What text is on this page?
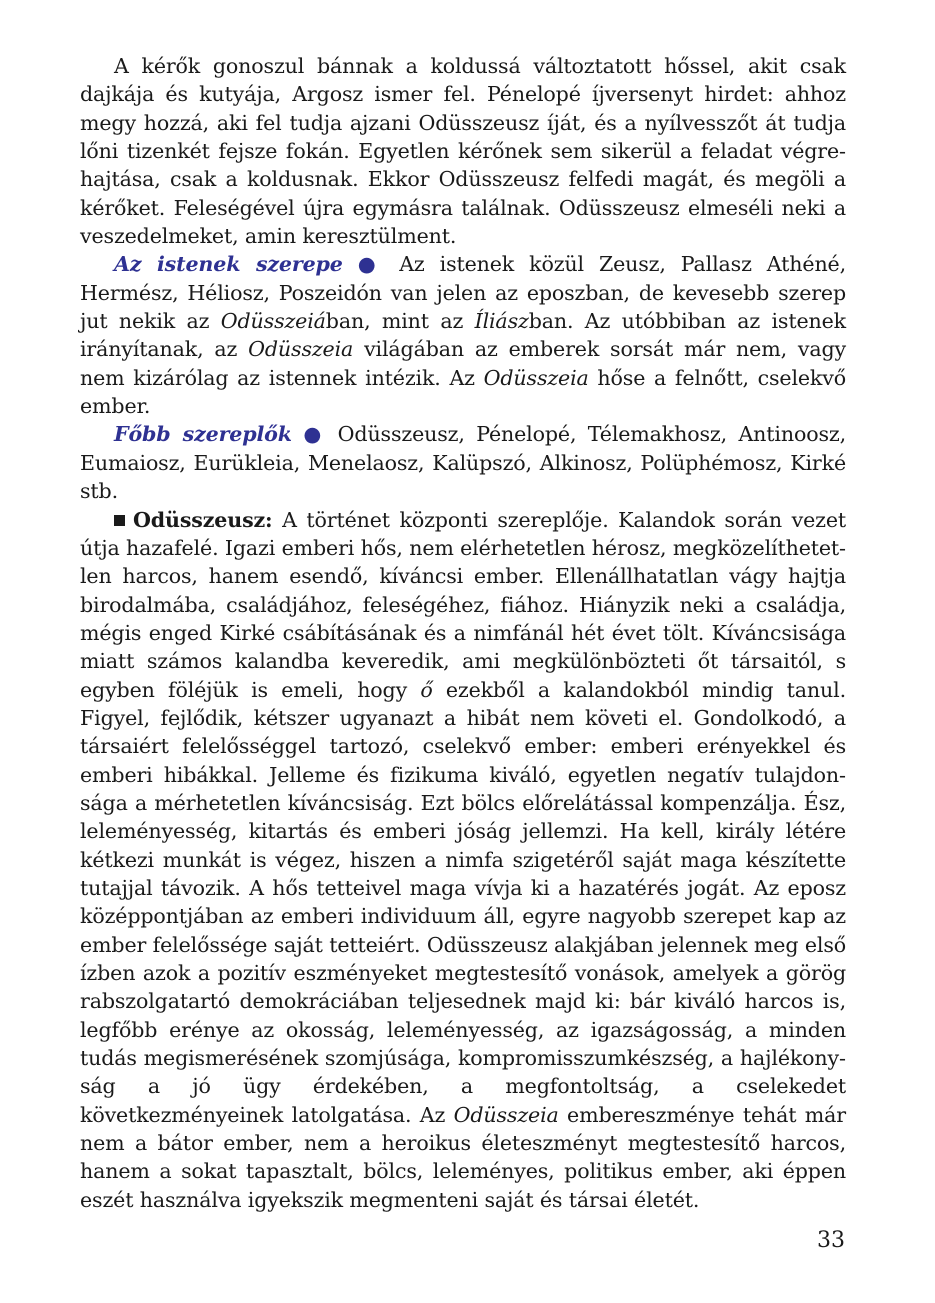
A kérők gonoszul bánnak a koldussá változtatott hőssel, akit csak dajkája és kutyája, Argosz ismer fel. Pénelopé íjversenyt hirdet: ahhoz megy hozzá, aki fel tudja ajzani Odüsszeusz íját, és a nyílvesszőt át tudja lőni tizenkét fejsze fokán. Egyetlen kérőnek sem sikerül a feladat végrehajtása, csak a koldusnak. Ekkor Odüsszeusz felfedi magát, és megöli a kérőket. Feleségével újra egymásra találnak. Odüsszeusz elmeséli neki a veszedelmeket, amin keresztülment.

Az istenek szerepe ● Az istenek közül Zeusz, Pallasz Athéné, Hermész, Héliosz, Poszeidón van jelen az eposzban, de kevesebb szerep jut nekik az Odüsszeiában, mint az Íliászban. Az utóbbiban az istenek irányítanak, az Odüsszeia világában az emberek sorsát már nem, vagy nem kizárólag az istennek intézik. Az Odüsszeia hőse a felnőtt, cselekvő ember.

Főbb szereplők ● Odüsszeusz, Pénelopé, Télemakhosz, Antinoosz, Eumaiosz, Eurükleia, Menelaosz, Kalüpszó, Alkinosz, Polüphémosz, Kirké stb.

Odüsszeusz: A történet központi szereplője. Kalandok során vezet útja hazafelé. Igazi emberi hős, nem elérhetetlen hérosz, megközelíthetetlen harcos, hanem esendő, kíváncsi ember. Ellenállhatatlan vágy hajtja birodalmába, családjához, feleségéhez, fiához. Hiányzik neki a családja, mégis enged Kirké csábításának és a nimfánál hét évet tölt. Kíváncsisága miatt számos kalandba keveredik, ami megkülönbözteti őt társaitól, s egyben föléjük is emeli, hogy ő ezekből a kalandokból mindig tanul. Figyel, fejlődik, kétszer ugyanazt a hibát nem követi el. Gondolkodó, a társaiért felelősséggel tartozó, cselekvő ember: emberi erényekkel és emberi hibákkal. Jelleme és fizikuma kiváló, egyetlen negatív tulajdonsága a mérhetetlen kíváncsiság. Ezt bölcs előrelátással kompenzálja. Ész, leleményesség, kitartás és emberi jóság jellemzi. Ha kell, király létére kétkezi munkát is végez, hiszen a nimfa szigetéről saját maga készítette tutajjal távozik. A hős tetteivel maga vívja ki a hazatérés jogát. Az eposz középpontjában az emberi individuum áll, egyre nagyobb szerepet kap az ember felelőssége saját tetteiért. Odüsszeusz alakjában jelennek meg első ízben azok a pozitív eszményeket megtestesítő vonások, amelyek a görög rabszolgatartó demokráciában teljesednek majd ki: bár kiváló harcos is, legfőbb erénye az okosság, leleményesség, az igazságosság, a minden tudás megismerésének szomjúsága, kompromisszumkészség, a hajlékonyság a jó ügy érdekében, a megfontoltság, a cselekedet következményeinek latolgatása. Az Odüsszeia embereszménye tehát már nem a bátor ember, nem a heroikus életeszményt megtestesítő harcos, hanem a sokat tapasztalt, bölcs, leleményes, politikus ember, aki éppen eszét használva igyekszik megmenteni saját és társai életét.

33
